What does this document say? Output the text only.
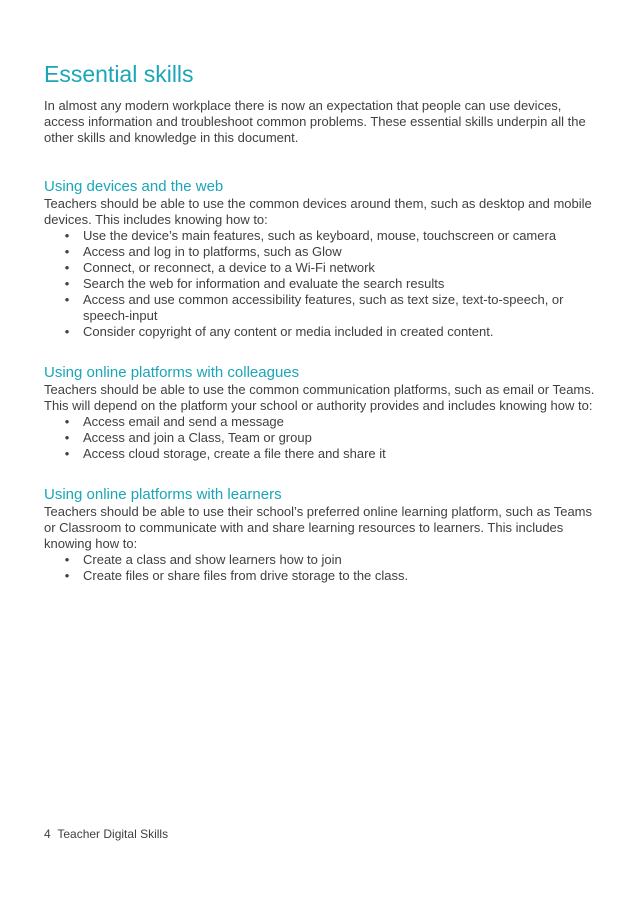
Essential skills

In almost any modern workplace there is now an expectation that people can use devices, access information and troubleshoot common problems. These essential skills underpin all the other skills and knowledge in this document.

Using devices and the web

Teachers should be able to use the common devices around them, such as desktop and mobile devices. This includes knowing how to:

• Use the device’s main features, such as keyboard, mouse, touchscreen or camera
• Access and log in to platforms, such as Glow
• Connect, or reconnect, a device to a Wi-Fi network
• Search the web for information and evaluate the search results
• Access and use common accessibility features, such as text size, text-to-speech, or speech-input
• Consider copyright of any content or media included in created content.
Using online platforms with colleagues

Teachers should be able to use the common communication platforms, such as email or Teams. This will depend on the platform your school or authority provides and includes knowing how to:

• Access email and send a message
• Access and join a Class, Team or group
• Access cloud storage, create a file there and share it
Using online platforms with learners

Teachers should be able to use their school’s preferred online learning platform, such as Teams or Classroom to communicate with and share learning resources to learners. This includes knowing how to:

• Create a class and show learners how to join
• Create files or share files from drive storage to the class.

4 Teacher Digital Skills
